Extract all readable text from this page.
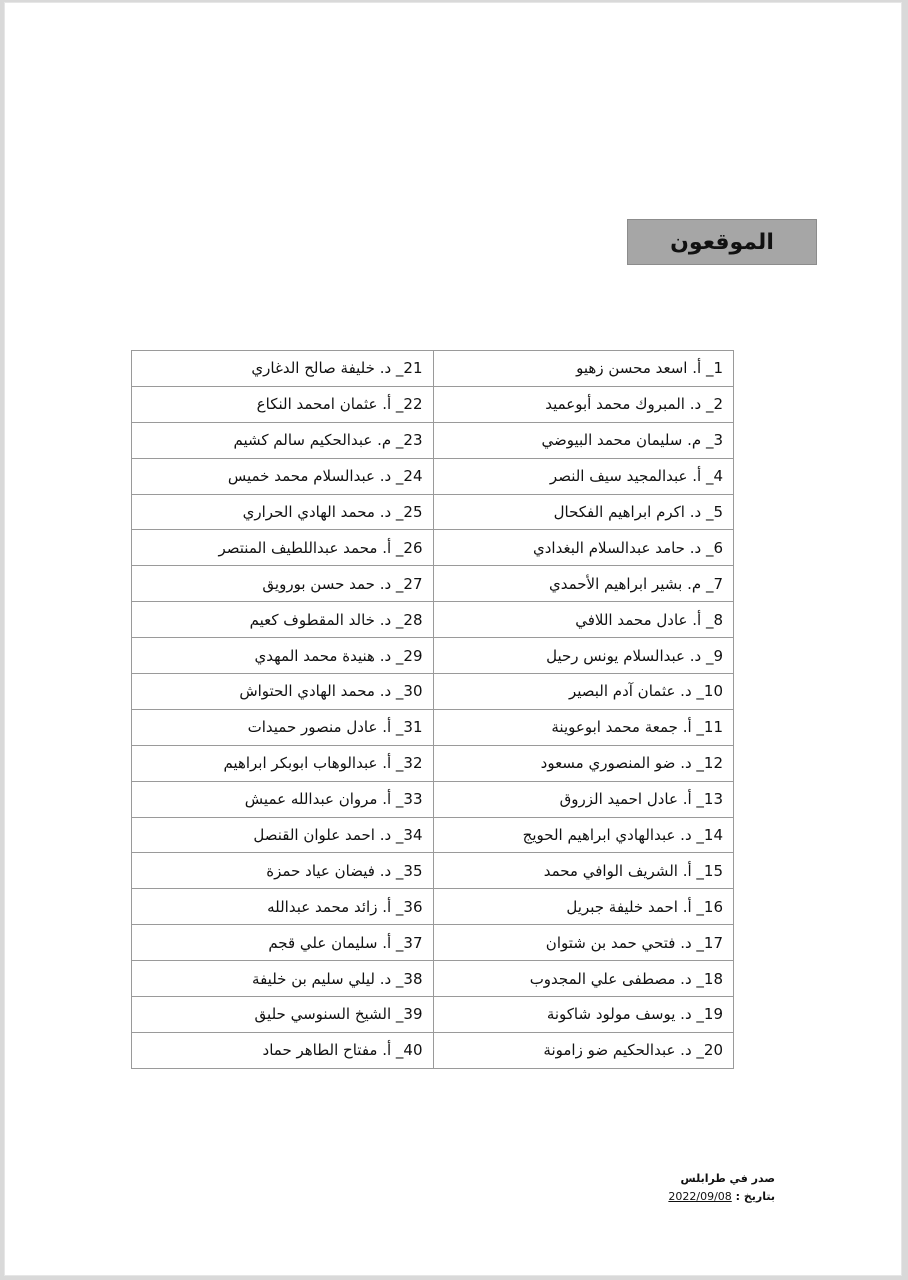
الموقعون
1_ أ. اسعد محسن زهيو	21_ د. خليفة صالح الدغاري
2_ د. المبروك محمد أبوعميد	22_ أ. عثمان امحمد النكاع
3_ م. سليمان محمد البيوضي	23_ م. عبدالحكيم سالم كشيم
4_ أ. عبدالمجيد سيف النصر	24_ د. عبدالسلام محمد خميس
5_ د. اكرم ابراهيم الفكحال	25_ د. محمد الهادي الحراري
6_ د. حامد عبدالسلام البغدادي	26_ أ. محمد عبداللطيف المنتصر
7_ م. بشير ابراهيم الأحمدي	27_ د. حمد حسن بورويق
8_ أ. عادل محمد اللافي	28_ د. خالد المقطوف كعيم
9_ د. عبدالسلام يونس رحيل	29_ د. هنيدة محمد المهدي
10_ د. عثمان آدم البصير	30_ د. محمد الهادي الحتواش
11_ أ. جمعة محمد ابوعوينة	31_ أ. عادل منصور حميدات
12_ د. ضو المنصوري مسعود	32_ أ. عبدالوهاب ابوبكر ابراهيم
13_ أ. عادل احميد الزروق	33_ أ. مروان عبدالله عميش
14_ د. عبدالهادي ابراهيم الحويج	34_ د. احمد علوان القنصل
15_ أ. الشريف الوافي محمد	35_ د. فيضان عياد حمزة
16_ أ. احمد خليفة جبريل	36_ أ. زائد محمد عبدالله
17_ د. فتحي حمد بن شتوان	37_ أ. سليمان علي قجم
18_ د. مصطفى علي المجدوب	38_ د. ليلي سليم بن خليفة
19_ د. يوسف مولود شاكونة	39_ الشيخ السنوسي حليق
20_ د. عبدالحكيم ضو زامونة	40_ أ. مفتاح الطاهر حماد
صدر في طرابلس
بتاريخ : 2022/09/08
